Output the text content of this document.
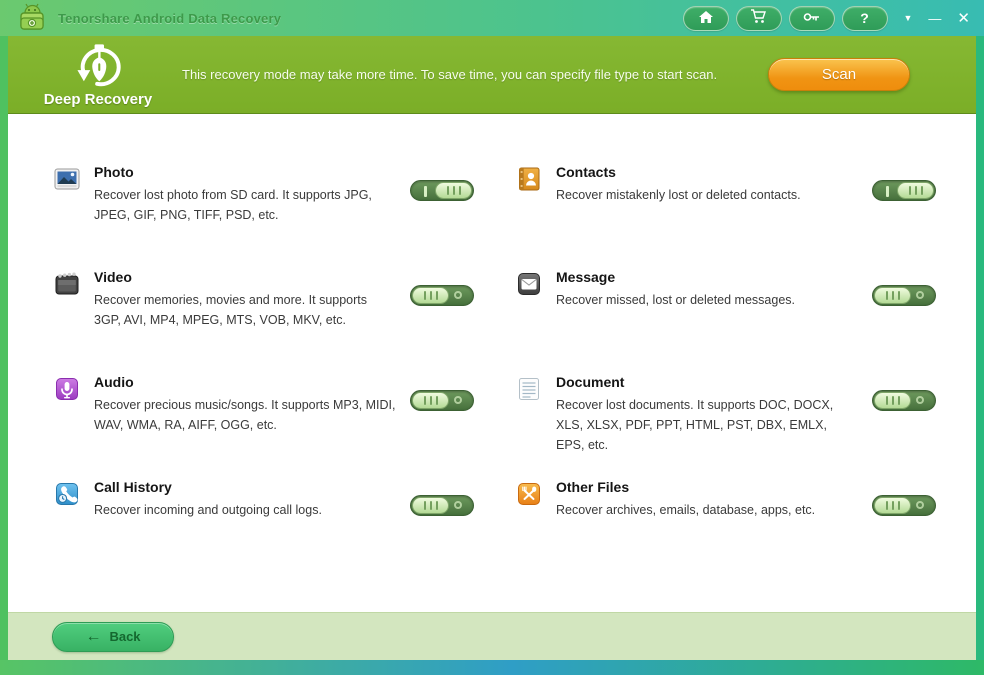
Tenorshare Android Data Recovery	?	▼ — ✕
Deep Recovery
This recovery mode may take more time. To save time, you can specify file type to start scan.	Scan
Photo
Recover lost photo from SD card. It supports JPG, JPEG, GIF, PNG, TIFF, PSD, etc.
Video
Recover memories, movies and more. It supports 3GP, AVI, MP4, MPEG, MTS, VOB, MKV, etc.
Audio
Recover precious music/songs. It supports MP3, MIDI, WAV, WMA, RA, AIFF, OGG, etc.
Call History
Recover incoming and outgoing call logs.
Contacts
Recover mistakenly lost or deleted contacts.
Message
Recover missed, lost or deleted messages.
Document
Recover lost documents. It supports DOC, DOCX, XLS, XLSX, PDF, PPT, HTML, PST, DBX, EMLX, EPS, etc.
Other Files
Recover archives, emails, database, apps, etc.
← Back
